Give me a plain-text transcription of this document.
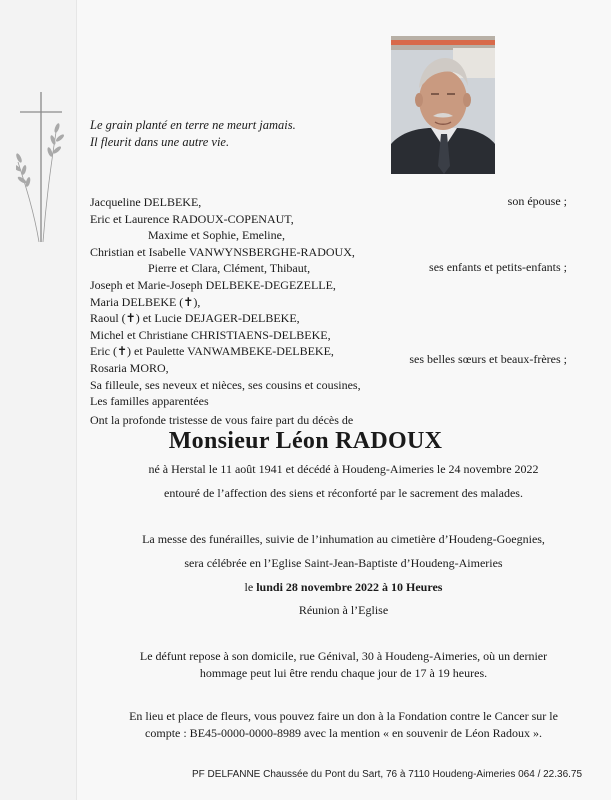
Le grain planté en terre ne meurt jamais.
Il fleurit dans une autre vie.
Jacqueline DELBEKE,
Eric et Laurence RADOUX-COPENAUT,
Maxime et Sophie, Emeline,
Christian et Isabelle VANWYNSBERGHE-RADOUX,
Pierre et Clara, Clément, Thibaut,
Joseph et Marie-Joseph DELBEKE-DEGEZELLE,
Maria DELBEKE (✝),
Raoul (✝) et Lucie DEJAGER-DELBEKE,
Michel et Christiane CHRISTIAENS-DELBEKE,
Eric (✝) et Paulette VANWAMBEKE-DELBEKE,
Rosaria MORO,
Sa filleule, ses neveux et nièces, ses cousins et cousines,
Les familles apparentées
son épouse ;
ses enfants et petits-enfants ;
ses belles sœurs et beaux-frères ;
Ont la profonde tristesse de vous faire part du décès de
Monsieur Léon RADOUX
né à Herstal le 11 août 1941 et décédé à Houdeng-Aimeries le 24 novembre 2022
entouré de l’affection des siens et réconforté par le sacrement des malades.
La messe des funérailles, suivie de l’inhumation au cimetière d’Houdeng-Goegnies,
sera célébrée en l’Eglise Saint-Jean-Baptiste d’Houdeng-Aimeries
le lundi 28 novembre 2022 à 10 Heures
Réunion à l’Eglise
Le défunt repose à son domicile, rue Génival, 30 à Houdeng-Aimeries, où un dernier
hommage peut lui être rendu chaque jour de 17 à 19 heures.
En lieu et place de fleurs, vous pouvez faire un don à la Fondation contre le Cancer sur le
compte : BE45-0000-0000-8989 avec la mention « en souvenir de Léon Radoux ».
PF DELFANNE Chaussée du Pont du Sart, 76 à 7110 Houdeng-Aimeries 064 / 22.36.75
